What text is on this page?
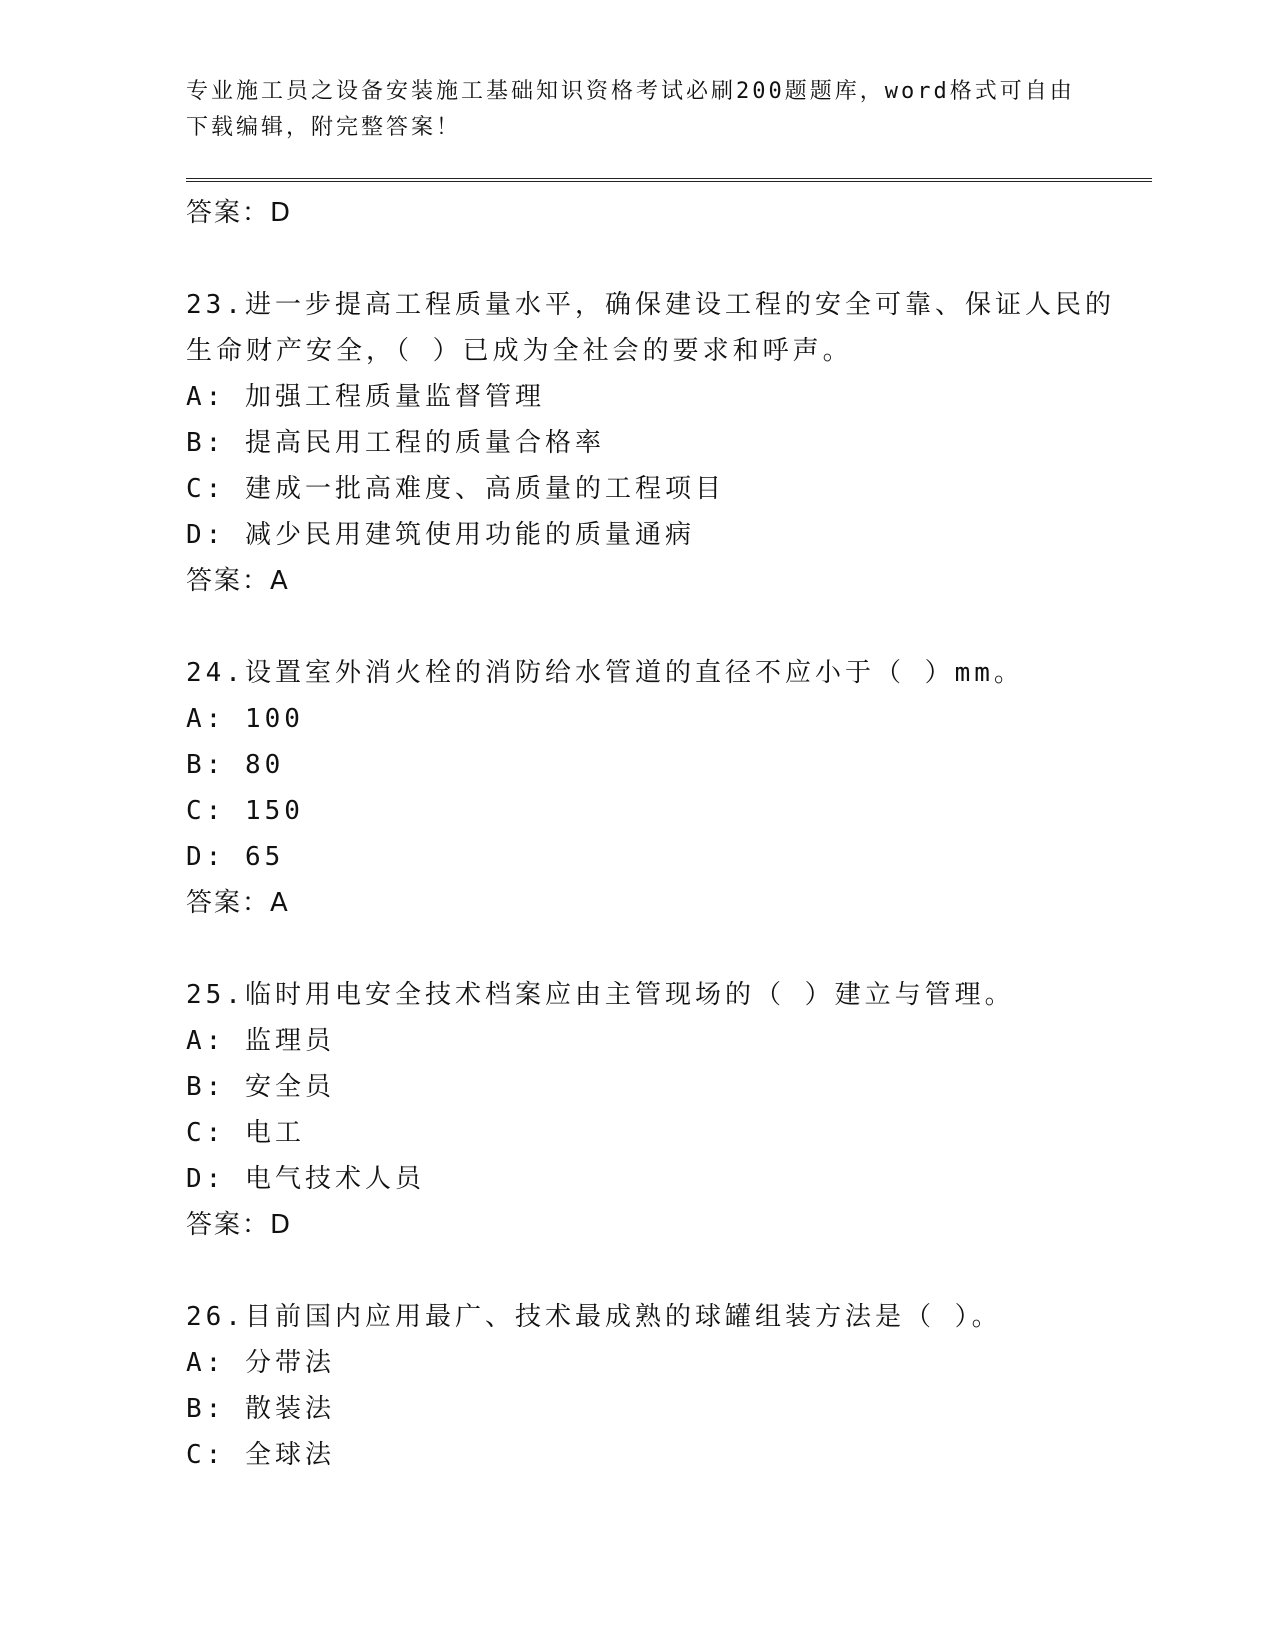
专业施工员之设备安装施工基础知识资格考试必刷200题题库，word格式可自由
下载编辑，附完整答案！
答案：D
23.进一步提高工程质量水平，确保建设工程的安全可靠、保证人民的
生命财产安全，（ ）已成为全社会的要求和呼声。
A: 加强工程质量监督管理
B: 提高民用工程的质量合格率
C: 建成一批高难度、高质量的工程项目
D: 减少民用建筑使用功能的质量通病
答案：A
24.设置室外消火栓的消防给水管道的直径不应小于（ ）mm。
A: 100
B: 80
C: 150
D: 65
答案：A
25.临时用电安全技术档案应由主管现场的（ ）建立与管理。
A: 监理员
B: 安全员
C: 电工
D: 电气技术人员
答案：D
26.目前国内应用最广、技术最成熟的球罐组装方法是（ ）。
A: 分带法
B: 散装法
C: 全球法
